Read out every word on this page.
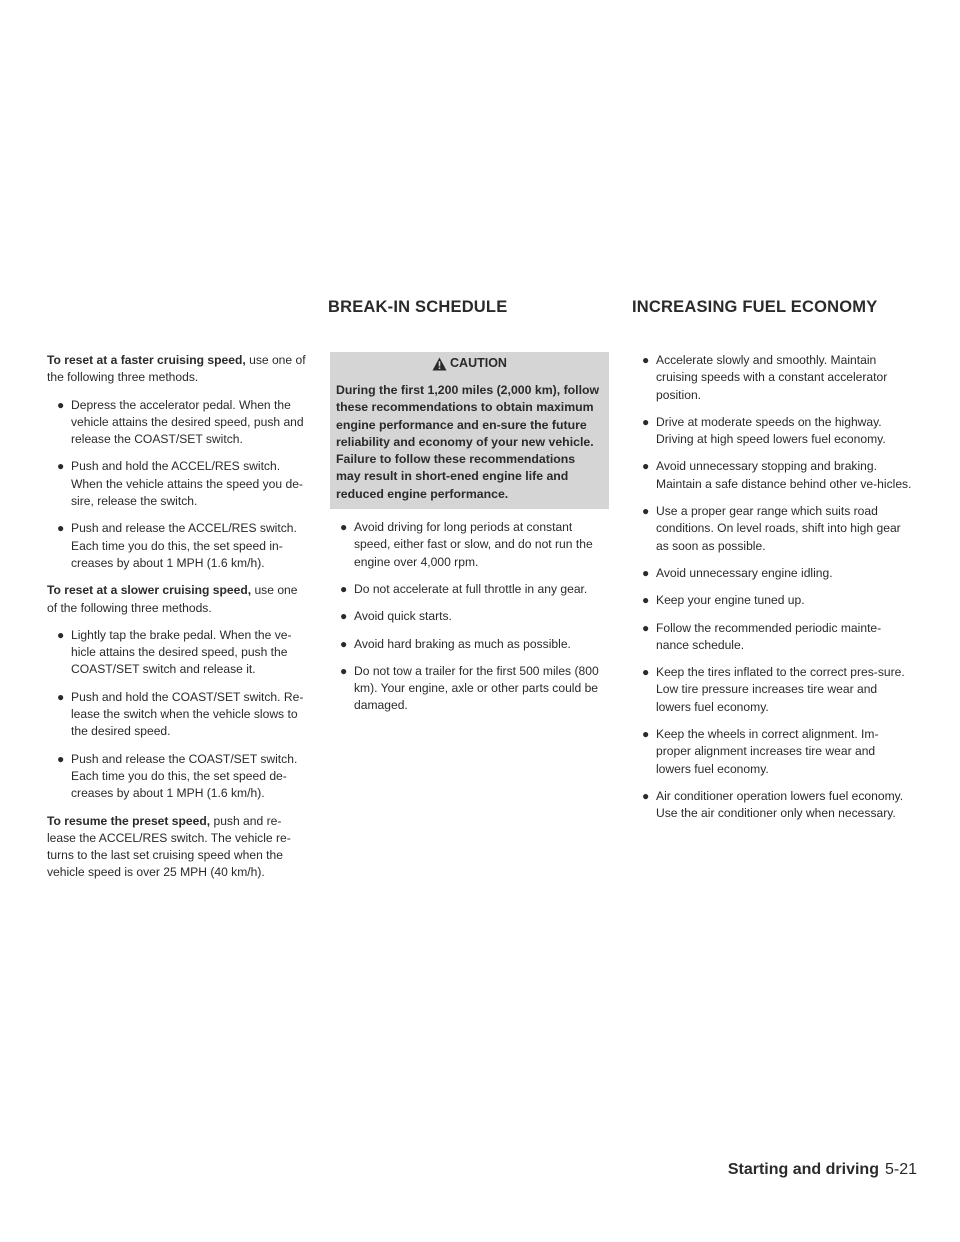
BREAK-IN SCHEDULE	INCREASING FUEL ECONOMY

To reset at a faster cruising speed, use one of the following three methods.

● Depress the accelerator pedal. When the vehicle attains the desired speed, push and release the COAST/SET switch.
● Push and hold the ACCEL/RES switch. When the vehicle attains the speed you de-sire, release the switch.
● Push and release the ACCEL/RES switch. Each time you do this, the set speed in-creases by about 1 MPH (1.6 km/h).

To reset at a slower cruising speed, use one of the following three methods.

● Lightly tap the brake pedal. When the ve-hicle attains the desired speed, push the COAST/SET switch and release it.
● Push and hold the COAST/SET switch. Re-lease the switch when the vehicle slows to the desired speed.
● Push and release the COAST/SET switch. Each time you do this, the set speed de-creases by about 1 MPH (1.6 km/h).

To resume the preset speed, push and re-lease the ACCEL/RES switch. The vehicle re-turns to the last set cruising speed when the vehicle speed is over 25 MPH (40 km/h).

CAUTION

During the first 1,200 miles (2,000 km), follow these recommendations to obtain maximum engine performance and en-sure the future reliability and economy of your new vehicle. Failure to follow these recommendations may result in short-ened engine life and reduced engine performance.

● Avoid driving for long periods at constant speed, either fast or slow, and do not run the engine over 4,000 rpm.
● Do not accelerate at full throttle in any gear.
● Avoid quick starts.
● Avoid hard braking as much as possible.
● Do not tow a trailer for the first 500 miles (800 km). Your engine, axle or other parts could be damaged.
● Accelerate slowly and smoothly. Maintain cruising speeds with a constant accelerator position.
● Drive at moderate speeds on the highway. Driving at high speed lowers fuel economy.
● Avoid unnecessary stopping and braking. Maintain a safe distance behind other ve-hicles.
● Use a proper gear range which suits road conditions. On level roads, shift into high gear as soon as possible.
● Avoid unnecessary engine idling.
● Keep your engine tuned up.
● Follow the recommended periodic mainte-nance schedule.
● Keep the tires inflated to the correct pres-sure. Low tire pressure increases tire wear and lowers fuel economy.
● Keep the wheels in correct alignment. Im-proper alignment increases tire wear and lowers fuel economy.
● Air conditioner operation lowers fuel economy. Use the air conditioner only when necessary.
Starting and driving 5-21
